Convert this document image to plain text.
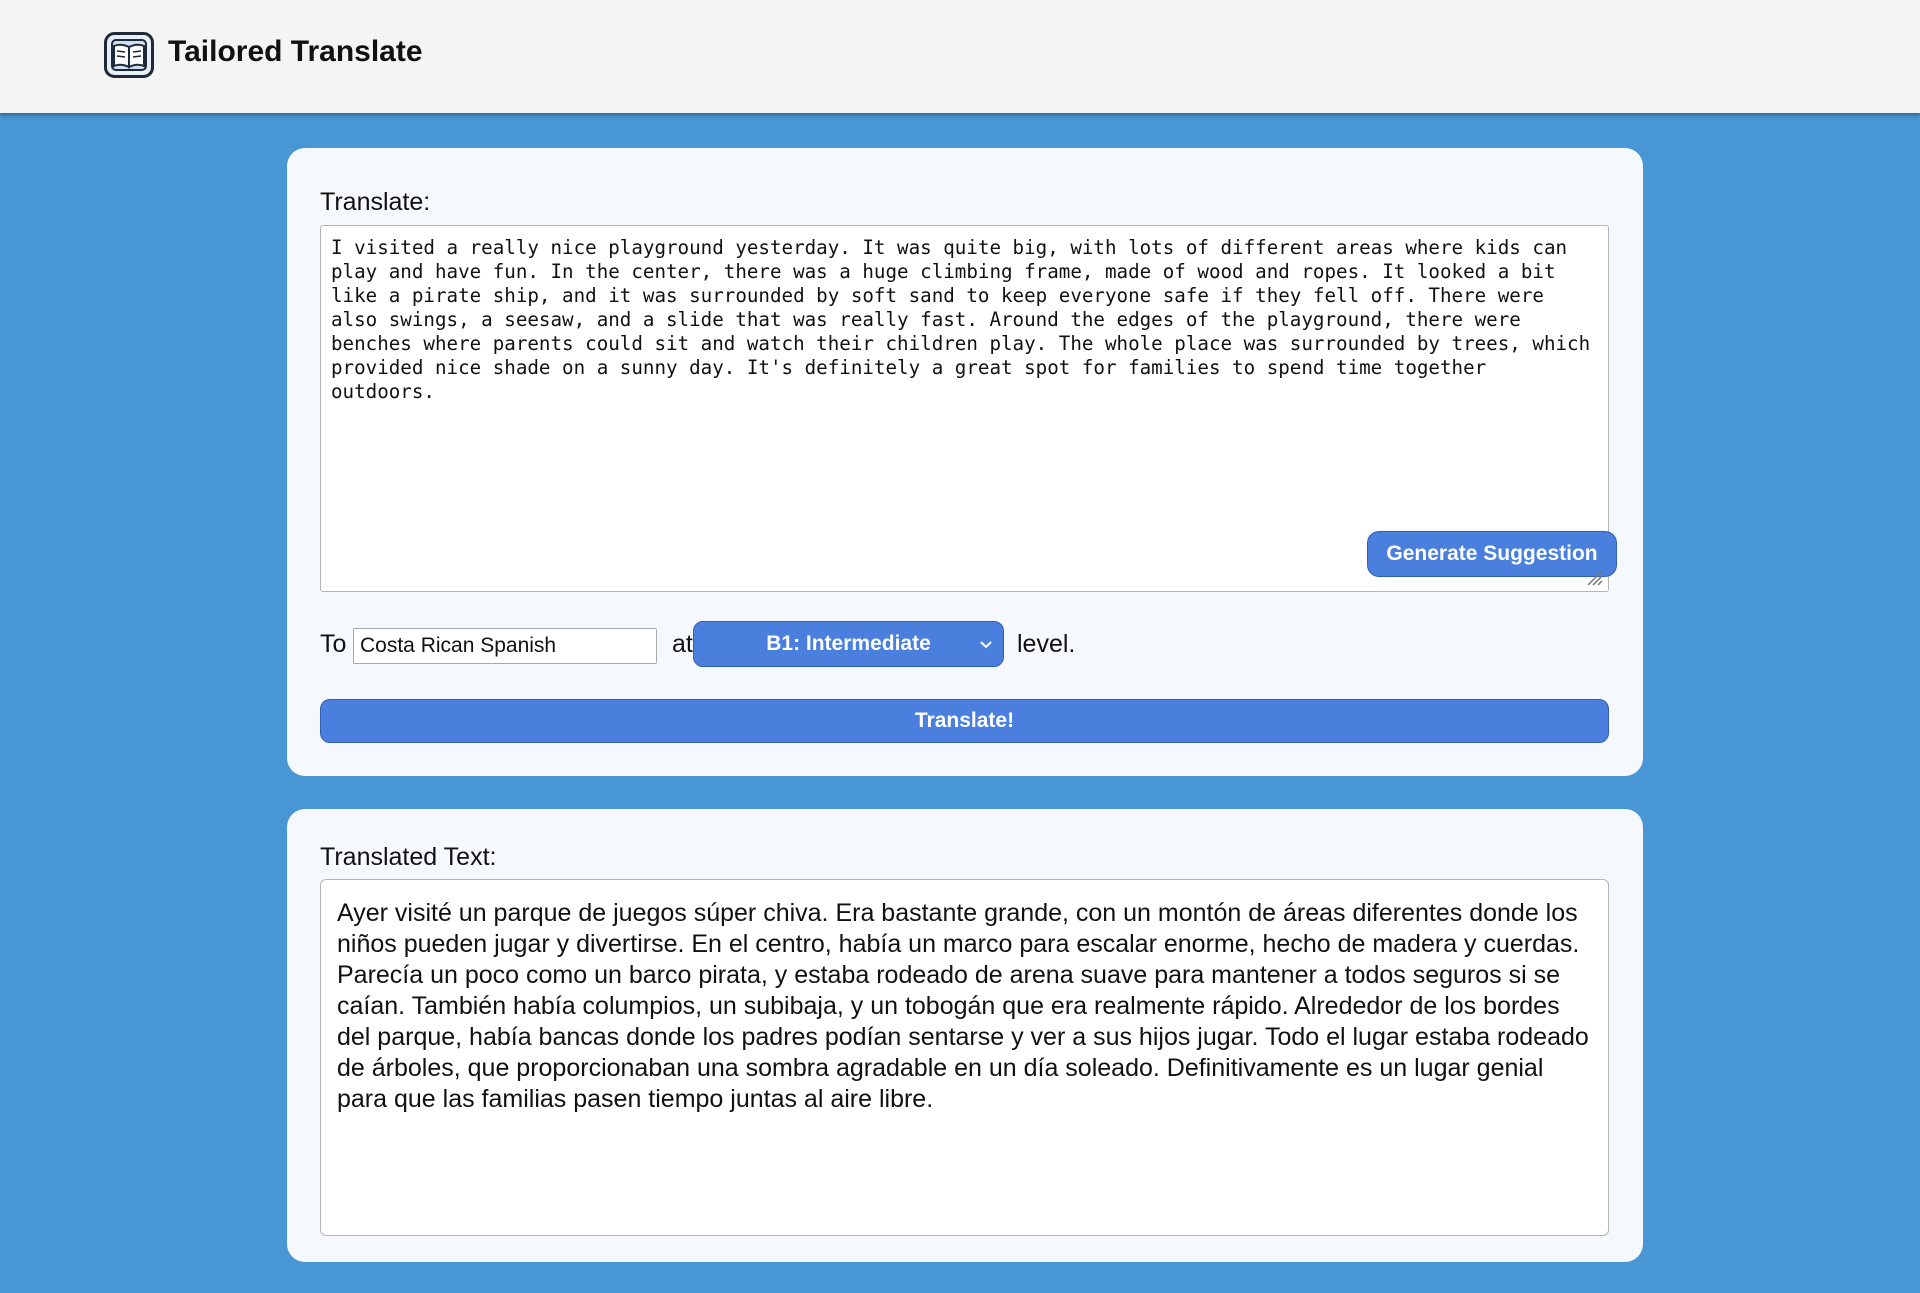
Tailored Translate
Translate:
I visited a really nice playground yesterday. It was quite big, with lots of different areas where kids can play and have fun. In the center, there was a huge climbing frame, made of wood and ropes. It looked a bit like a pirate ship, and it was surrounded by soft sand to keep everyone safe if they fell off. There were also swings, a seesaw, and a slide that was really fast. Around the edges of the playground, there were benches where parents could sit and watch their children play. The whole place was surrounded by trees, which provided nice shade on a sunny day. It's definitely a great spot for families to spend time together outdoors.
Generate Suggestion
To
Costa Rican Spanish	at	B1: Intermediate	level.
Translate!
Translated Text:

Ayer visité un parque de juegos súper chiva. Era bastante grande, con un montón de áreas diferentes donde los niños pueden jugar y divertirse. En el centro, había un marco para escalar enorme, hecho de madera y cuerdas. Parecía un poco como un barco pirata, y estaba rodeado de arena suave para mantener a todos seguros si se caían. También había columpios, un subibaja, y un tobogán que era realmente rápido. Alrededor de los bordes del parque, había bancas donde los padres podían sentarse y ver a sus hijos jugar. Todo el lugar estaba rodeado de árboles, que proporcionaban una sombra agradable en un día soleado. Definitivamente es un lugar genial para que las familias pasen tiempo juntas al aire libre.
